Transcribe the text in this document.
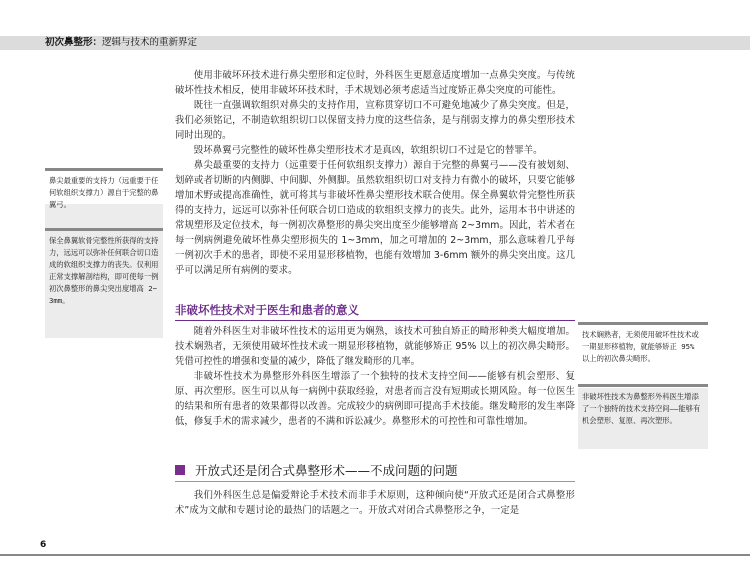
初次鼻整形：逻辑与技术的重新界定

使用非破坏环技术进行鼻尖塑形和定位时，外科医生更愿意适度增加一点鼻尖突度。与传统破坏性技术相反，使用非破坏环技术时，手术规划必须考虑适当过度矫正鼻尖突度的可能性。

既往一直强调软组织对鼻尖的支持作用，宣称贯穿切口不可避免地减少了鼻尖突度。但是，我们必须铭记，不制造软组织切口以保留支持力度的这些信条，是与削弱支撑力的鼻尖塑形技术同时出现的。

毁坏鼻翼弓完整性的破坏性鼻尖塑形技术才是真凶，软组织切口不过是它的替罪羊。

鼻尖最重要的支持力（远重要于任何软组织支撑力）源自于完整的鼻翼弓——没有被划刻、划碎或者切断的内侧脚、中间脚、外侧脚。虽然软组织切口对支持力有微小的破坏，只要它能够增加术野或提高准确性，就可将其与非破坏性鼻尖塑形技术联合使用。保全鼻翼软骨完整性所获得的支持力，远远可以弥补任何联合切口造成的软组织支撑力的丧失。此外，运用本书中讲述的常规塑形及定位技术，每一例初次鼻整形的鼻尖突出度至少能够增高 2~3mm。因此，若术者在每一例病例避免破坏性鼻尖塑形损失的 1~3mm，加之可增加的 2~3mm，那么意味着几乎每一例初次手术的患者，即使不采用显形移植物，也能有效增加 3-6mm 额外的鼻尖突出度。这几乎可以满足所有病例的要求。

非破坏性技术对于医生和患者的意义

随着外科医生对非破坏性技术的运用更为娴熟，该技术可独自矫正的畸形种类大幅度增加。技术娴熟者，无须使用破坏性技术或一期显形移植物，就能够矫正 95% 以上的初次鼻尖畸形。凭借可控性的增强和变量的减少，降低了继发畸形的几率。

非破坏性技术为鼻整形外科医生增添了一个独特的技术支持空间——能够有机会塑形、复原、再次塑形。医生可以从每一病例中获取经验，对患者而言没有短期或长期风险。每一位医生的结果和所有患者的效果都得以改善。完成较少的病例即可提高手术技能。继发畸形的发生率降低，修复手术的需求减少，患者的不满和诉讼减少。鼻整形术的可控性和可靠性增加。

开放式还是闭合式鼻整形术——不成问题的问题

我们外科医生总是偏爱辩论手术技术而非手术原则，这种倾向使“开放式还是闭合式鼻整形术”成为文献和专题讨论的最热门的话题之一。开放式对闭合式鼻整形之争，一定是

鼻尖最重要的支持力（远重要于任何软组织支撑力）源自于完整的鼻翼弓。
保全鼻翼软骨完整性所获得的支持力，远远可以弥补任何联合切口造成的软组织支撑力的丧失。仅利用正常支撑解剖结构，即可使每一例初次鼻整形的鼻尖突出度增高 2~3mm。
技术娴熟者，无须使用破坏性技术或一期显形移植物，就能够矫正 95% 以上的初次鼻尖畸形。
非破坏性技术为鼻整形外科医生增添了一个独特的技术支持空间——能够有机会塑形、复原、再次塑形。
6
